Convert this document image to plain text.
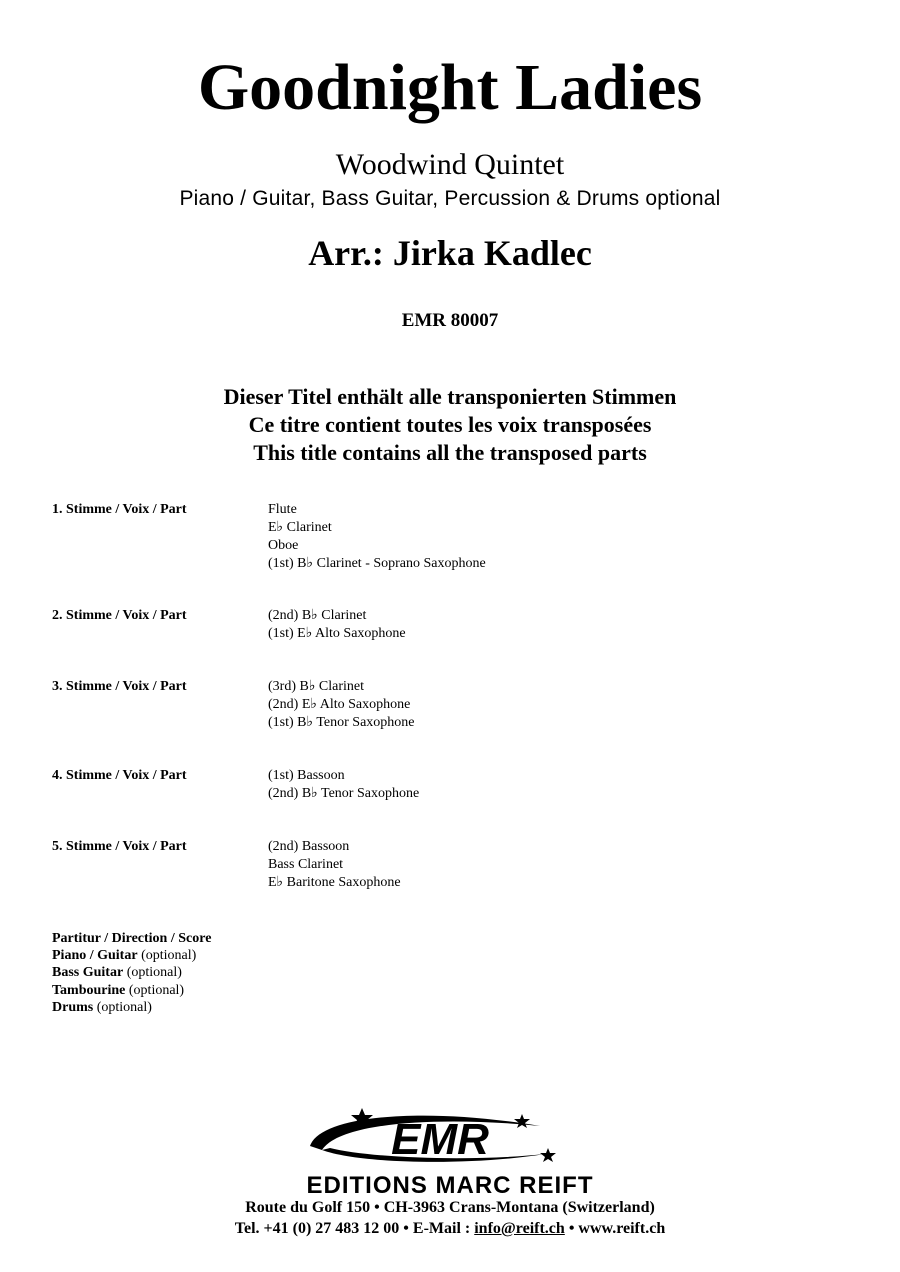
Goodnight Ladies
Woodwind Quintet
Piano / Guitar, Bass Guitar, Percussion & Drums optional
Arr.: Jirka Kadlec
EMR 80007
Dieser Titel enthält alle transponierten Stimmen
Ce titre contient toutes les voix transposées
This title contains all the transposed parts
1. Stimme / Voix / Part	Flute
E♭ Clarinet
Oboe
(1st) B♭ Clarinet - Soprano Saxophone
2. Stimme / Voix / Part	(2nd) B♭ Clarinet
(1st) E♭ Alto Saxophone
3. Stimme / Voix / Part	(3rd) B♭ Clarinet
(2nd) E♭ Alto Saxophone
(1st) B♭ Tenor Saxophone
4. Stimme / Voix / Part	(1st) Bassoon
(2nd) B♭ Tenor Saxophone
5. Stimme / Voix / Part	(2nd) Bassoon
Bass Clarinet
E♭ Baritone Saxophone
Partitur / Direction / Score
Piano / Guitar (optional)
Bass Guitar (optional)
Tambourine (optional)
Drums (optional)
EMR
EDITIONS MARC REIFT
Route du Golf 150 • CH-3963 Crans-Montana (Switzerland)
Tel. +41 (0) 27 483 12 00 • E-Mail : info@reift.ch • www.reift.ch
